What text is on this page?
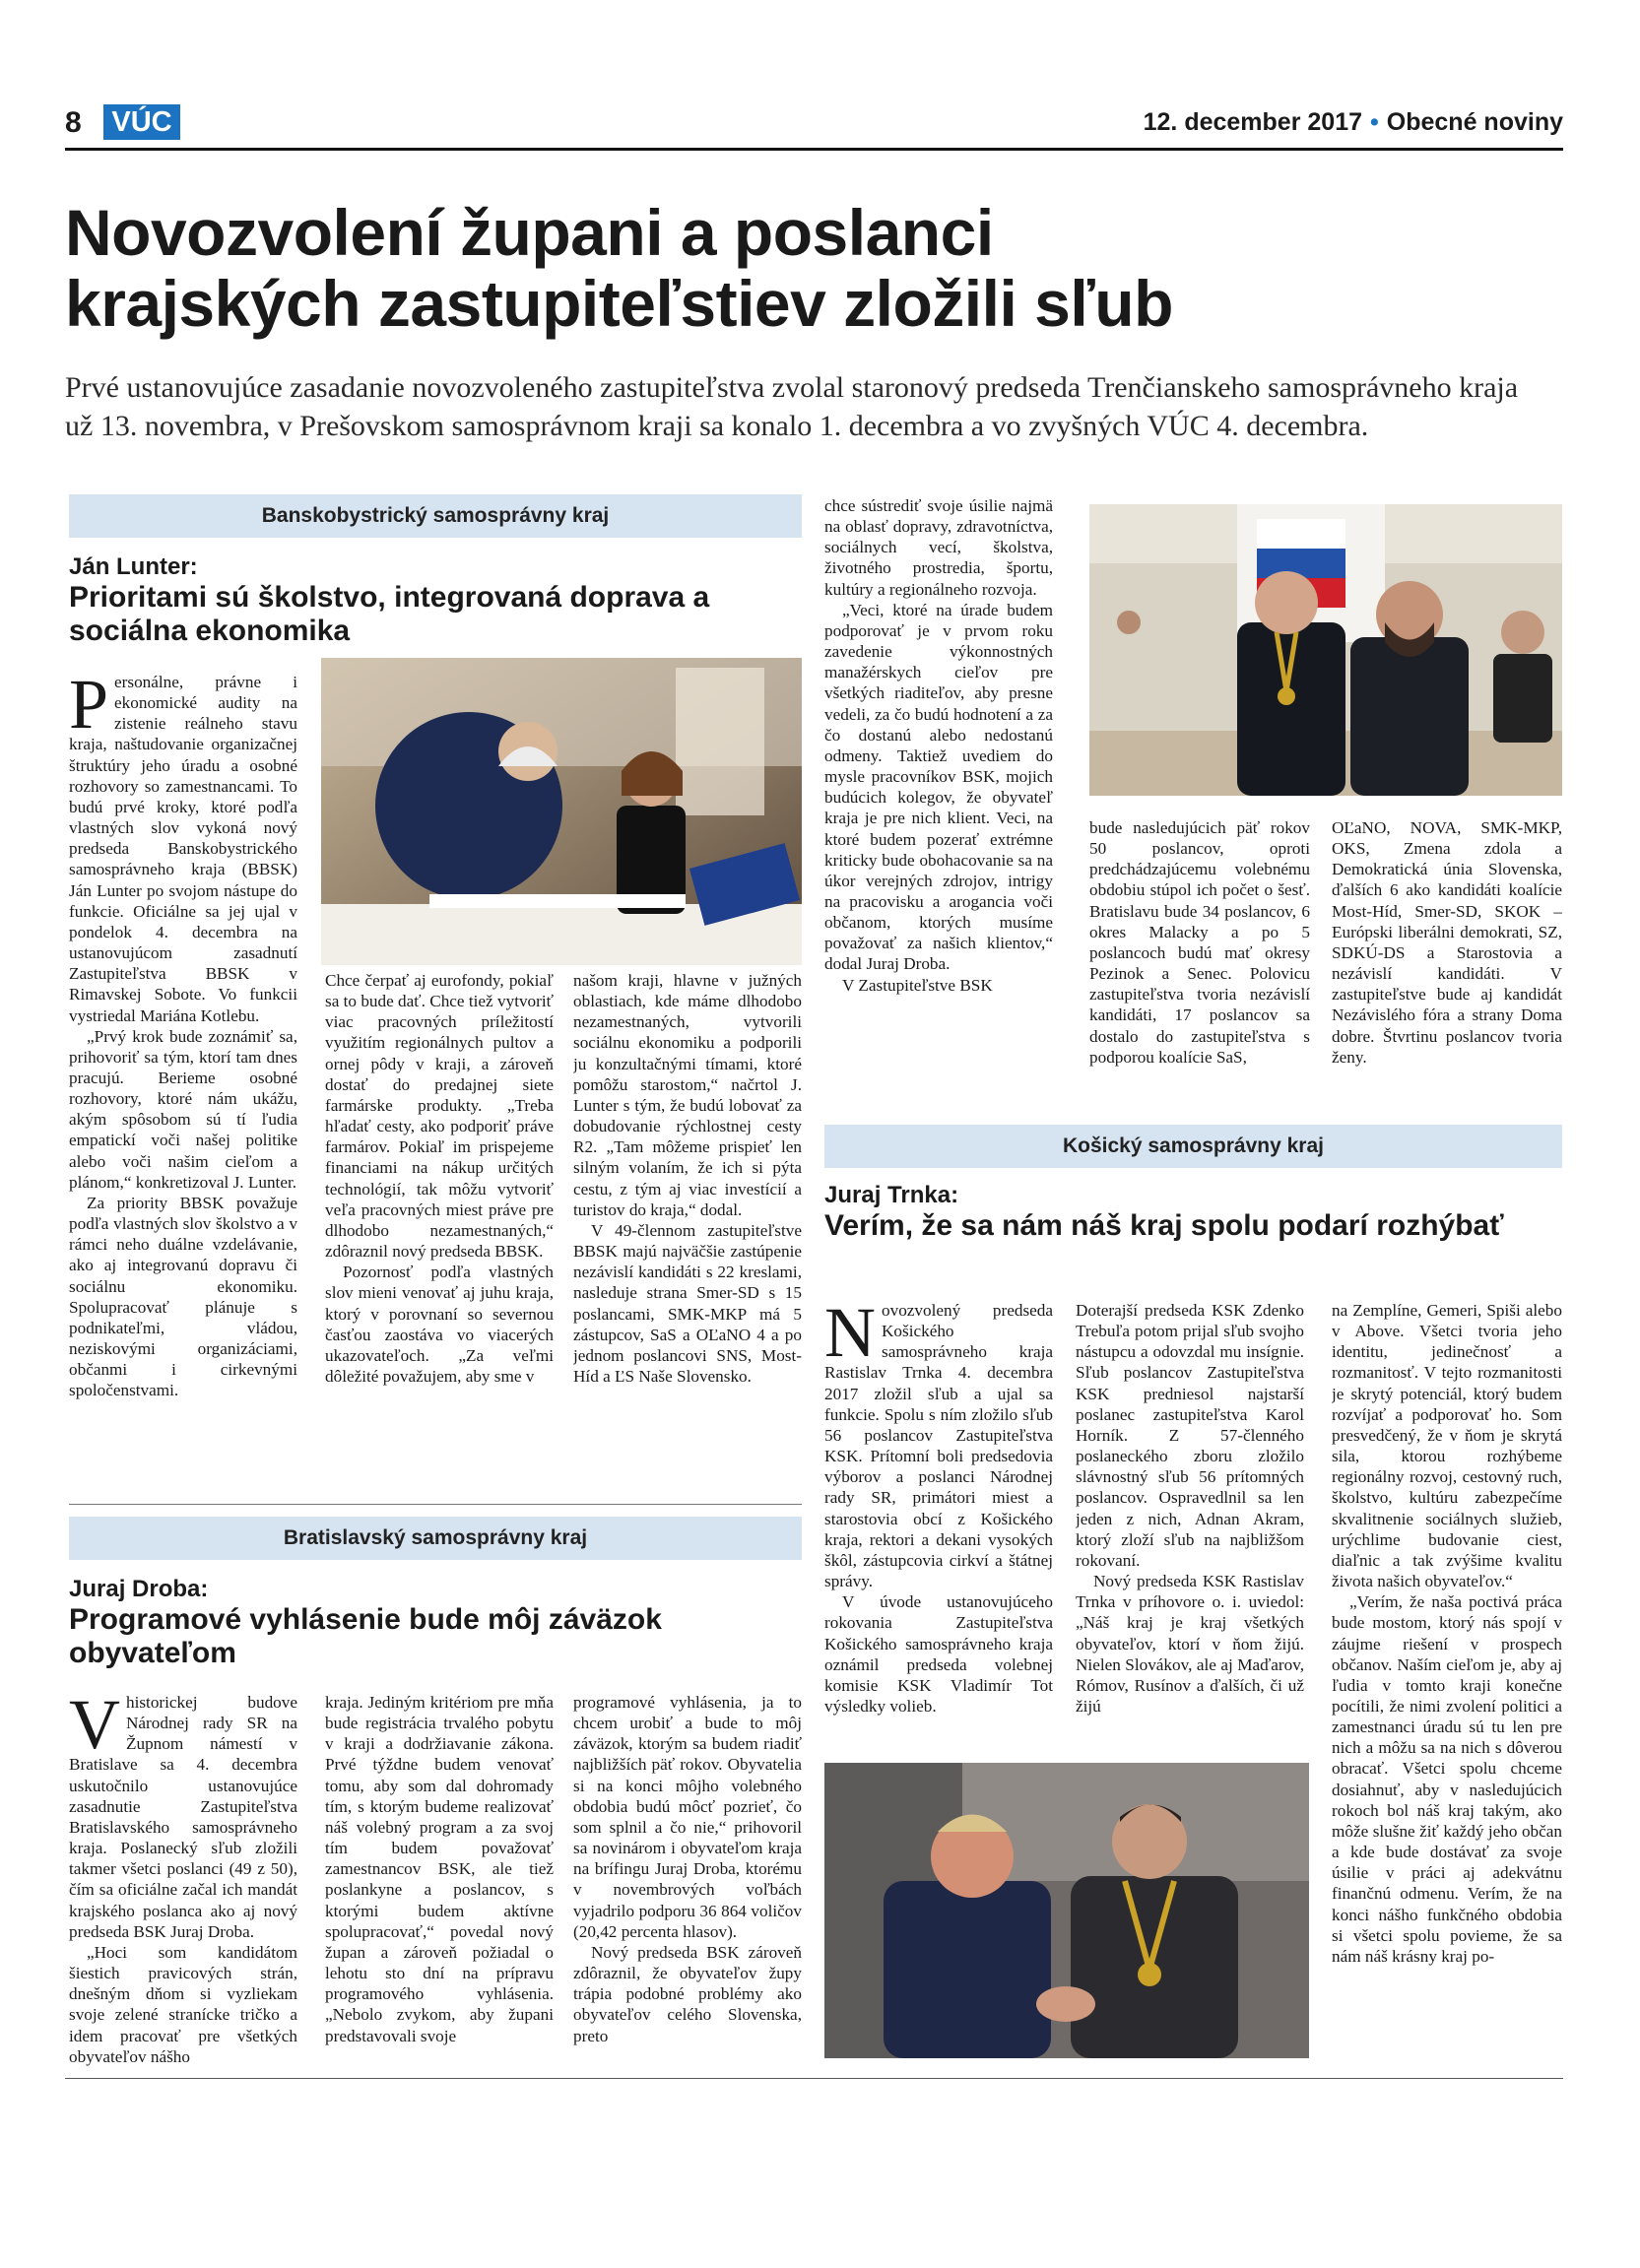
8 VÚC	12. december 2017 • Obecné noviny
Novozvolení župani a poslanci
krajských zastupiteľstiev zložili sľub
Prvé ustanovujúce zasadanie novozvoleného zastupiteľstva zvolal staronový predseda Trenčianskeho samosprávneho kraja už 13. novembra, v Prešovskom samosprávnom kraji sa konalo 1. decembra a vo zvyšných VÚC 4. decembra.
Banskobystrický samosprávny kraj
Ján Lunter:
Prioritami sú školstvo, integrovaná doprava a sociálna ekonomika

Personálne, právne i ekonomické audity na zistenie reálneho stavu kraja, naštudovanie organizačnej štruktúry jeho úradu a osobné rozhovory so zamestnancami. To budú prvé kroky, ktoré podľa vlastných slov vykoná nový predseda Banskobystrického samosprávneho kraja (BBSK) Ján Lunter po svojom nástupe do funkcie. Oficiálne sa jej ujal v pondelok 4. decembra na ustanovujúcom zasadnutí Zastupiteľstva BBSK v Rimavskej Sobote. Vo funkcii vystriedal Mariána Kotlebu.

„Prvý krok bude zoznámiť sa, prihovoriť sa tým, ktorí tam dnes pracujú. Berieme osobné rozhovory, ktoré nám ukážu, akým spôsobom sú tí ľudia empatickí voči našej politike alebo voči našim cieľom a plánom,“ konkretizoval J. Lunter.

Za priority BBSK považuje podľa vlastných slov školstvo a v rámci neho duálne vzdelávanie, ako aj integrovanú dopravu či sociálnu ekonomiku. Spolupracovať plánuje s podnikateľmi, vládou, neziskovými organizáciami, občanmi i cirkevnými spoločenstvami.

Chce čerpať aj eurofondy, pokiaľ sa to bude dať. Chce tiež vytvoriť viac pracovných príležitostí využitím regionálnych pultov a ornej pôdy v kraji, a zároveň dostať do predajnej siete farmárske produkty. „Treba hľadať cesty, ako podporiť práve farmárov. Pokiaľ im prispejeme financiami na nákup určitých technológií, tak môžu vytvoriť veľa pracovných miest práve pre dlhodobo nezamestnaných,“ zdôraznil nový predseda BBSK.

Pozornosť podľa vlastných slov mieni venovať aj juhu kraja, ktorý v porovnaní so severnou časťou zaostáva vo viacerých ukazovateľoch. „Za veľmi dôležité považujem, aby sme v

našom kraji, hlavne v južných oblastiach, kde máme dlhodobo nezamestnaných, vytvorili sociálnu ekonomiku a podporili ju konzultačnými tímami, ktoré pomôžu starostom,“ načrtol J. Lunter s tým, že budú lobovať za dobudovanie rýchlostnej cesty R2. „Tam môžeme prispieť len silným volaním, že ich si pýta cestu, z tým aj viac investícií a turistov do kraja,“ dodal.

V 49-člennom zastupiteľstve BBSK majú najväčšie zastúpenie nezávislí kandidáti s 22 kreslami, nasleduje strana Smer-SD s 15 poslancami, SMK-MKP má 5 zástupcov, SaS a OĽaNO 4 a po jednom poslancovi SNS, Most-Híd a ĽS Naše Slovensko.

Bratislavský samosprávny kraj
Juraj Droba:
Programové vyhlásenie bude môj záväzok obyvateľom

Vhistorickej budove Národnej rady SR na Župnom námestí v Bratislave sa 4. decembra uskutočnilo ustanovujúce zasadnutie Zastupiteľstva Bratislavského samosprávneho kraja. Poslanecký sľub zložili takmer všetci poslanci (49 z 50), čím sa oficiálne začal ich mandát krajského poslanca ako aj nový predseda BSK Juraj Droba.

„Hoci som kandidátom šiestich pravicových strán, dnešným dňom si vyzliekam svoje zelené stranícke tričko a idem pracovať pre všetkých obyvateľov nášho

kraja. Jediným kritériom pre mňa bude registrácia trvalého pobytu v kraji a dodržiavanie zákona. Prvé týždne budem venovať tomu, aby som dal dohromady tím, s ktorým budeme realizovať náš volebný program a za svoj tím budem považovať zamestnancov BSK, ale tiež poslankyne a poslancov, s ktorými budem aktívne spolupracovať,“ povedal nový župan a zároveň požiadal o lehotu sto dní na prípravu programového vyhlásenia. „Nebolo zvykom, aby župani predstavovali svoje

programové vyhlásenia, ja to chcem urobiť a bude to môj záväzok, ktorým sa budem riadiť najbližších päť rokov. Obyvatelia si na konci môjho volebného obdobia budú môcť pozrieť, čo som splnil a čo nie,“ prihovoril sa novinárom i obyvateľom kraja na brífingu Juraj Droba, ktorému v novembrových voľbách vyjadrilo podporu 36 864 voličov (20,42 percenta hlasov).

Nový predseda BSK zároveň zdôraznil, že obyvateľov župy trápia podobné problémy ako obyvateľov celého Slovenska, preto

chce sústrediť svoje úsilie najmä na oblasť dopravy, zdravotníctva, sociálnych vecí, školstva, životného prostredia, športu, kultúry a regionálneho rozvoja.

„Veci, ktoré na úrade budem podporovať je v prvom roku zavedenie výkonnostných manažérskych cieľov pre všetkých riaditeľov, aby presne vedeli, za čo budú hodnotení a za čo dostanú alebo nedostanú odmeny. Taktiež uvediem do mysle pracovníkov BSK, mojich budúcich kolegov, že obyvateľ kraja je pre nich klient. Veci, na ktoré budem pozerať extrémne kriticky bude obohacovanie sa na úkor verejných zdrojov, intrigy na pracovisku a arogancia voči občanom, ktorých musíme považovať za našich klientov,“ dodal Juraj Droba.

V Zastupiteľstve BSK

bude nasledujúcich päť rokov 50 poslancov, oproti predchádzajúcemu volebnému obdobiu stúpol ich počet o šesť. Bratislavu bude 34 poslancov, 6 okres Malacky a po 5 poslancoch budú mať okresy Pezinok a Senec. Polovicu zastupiteľstva tvoria nezávislí kandidáti, 17 poslancov sa dostalo do zastupiteľstva s podporou koalície SaS,

OĽaNO, NOVA, SMK-MKP, OKS, Zmena zdola a Demokratická únia Slovenska, ďalších 6 ako kandidáti koalície Most-Híd, Smer-SD, SKOK – Európski liberálni demokrati, SZ, SDKÚ-DS a Starostovia a nezávislí kandidáti. V zastupiteľstve bude aj kandidát Nezávislého fóra a strany Doma dobre. Štvrtinu poslancov tvoria ženy.

Košický samosprávny kraj
Juraj Trnka:
Verím, že sa nám náš kraj spolu podarí rozhýbať

Novozvolený predseda Košického samosprávneho kraja Rastislav Trnka 4. decembra 2017 zložil sľub a ujal sa funkcie. Spolu s ním zložilo sľub 56 poslancov Zastupiteľstva KSK. Prítomní boli predsedovia výborov a poslanci Národnej rady SR, primátori miest a starostovia obcí z Košického kraja, rektori a dekani vysokých škôl, zástupcovia cirkví a štátnej správy.

V úvode ustanovujúceho rokovania Zastupiteľstva Košického samosprávneho kraja oznámil predseda volebnej komisie KSK Vladimír Tot výsledky volieb.

Doterajší predseda KSK Zdenko Trebuľa potom prijal sľub svojho nástupcu a odovzdal mu insígnie. Sľub poslancov Zastupiteľstva KSK predniesol najstarší poslanec zastupiteľstva Karol Horník. Z 57-členného poslaneckého zboru zložilo slávnostný sľub 56 prítomných poslancov. Ospravedlnil sa len jeden z nich, Adnan Akram, ktorý zloží sľub na najbližšom rokovaní.

Nový predseda KSK Rastislav Trnka v príhovore o. i. uviedol: „Náš kraj je kraj všetkých obyvateľov, ktorí v ňom žijú. Nielen Slovákov, ale aj Maďarov, Rómov, Rusínov a ďalších, či už žijú

na Zemplíne, Gemeri, Spiši alebo v Above. Všetci tvoria jeho identitu, jedinečnosť a rozmanitosť. V tejto rozmanitosti je skrytý potenciál, ktorý budem rozvíjať a podporovať ho. Som presvedčený, že v ňom je skrytá sila, ktorou rozhýbeme regionálny rozvoj, cestovný ruch, školstvo, kultúru zabezpečíme skvalitnenie sociálnych služieb, urýchlime budovanie ciest, diaľnic a tak zvýšime kvalitu života našich obyvateľov.“

„Verím, že naša poctivá práca bude mostom, ktorý nás spojí v záujme riešení v prospech občanov. Naším cieľom je, aby aj ľudia v tomto kraji konečne pocítili, že nimi zvolení politici a zamestnanci úradu sú tu len pre nich a môžu sa na nich s dôverou obracať. Všetci spolu chceme dosiahnuť, aby v nasledujúcich rokoch bol náš kraj takým, ako môže slušne žiť každý jeho občan a kde bude dostávať za svoje úsilie v práci aj adekvátnu finančnú odmenu. Verím, že na konci nášho funkčného obdobia si všetci spolu povieme, že sa nám náš krásny kraj po-
